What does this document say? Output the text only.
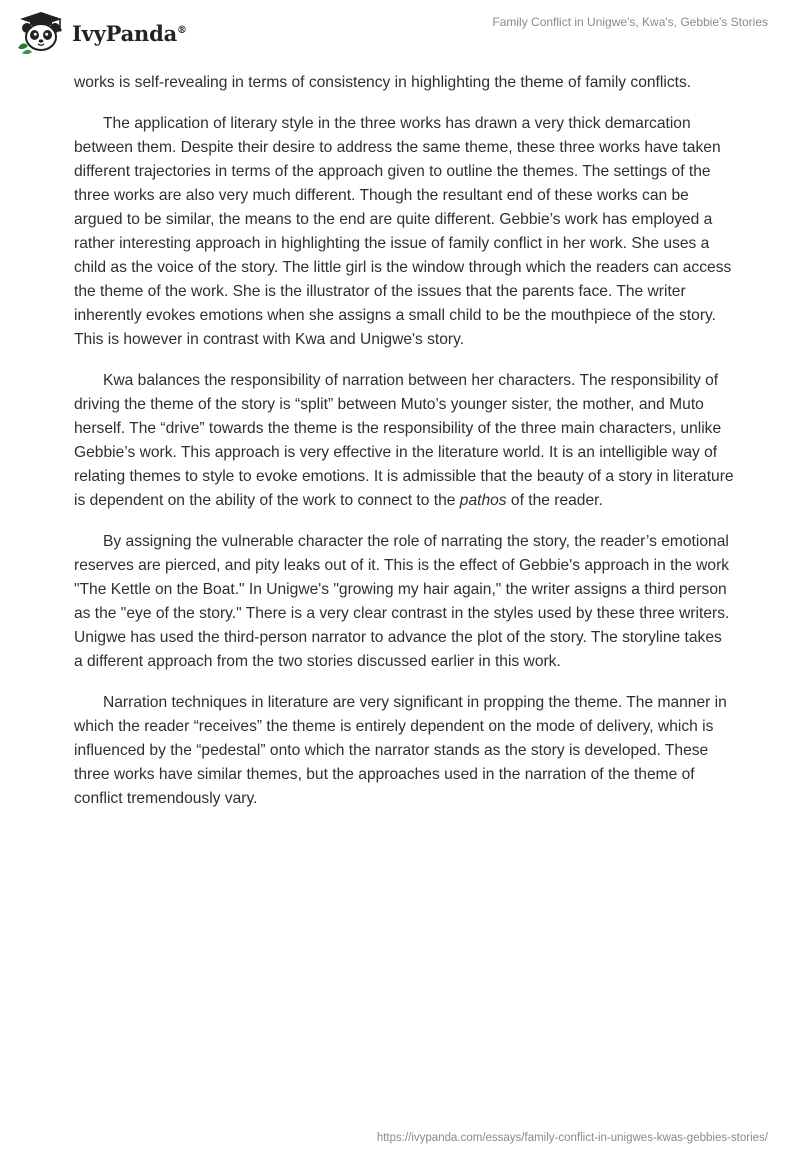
IvyPanda®
Family Conflict in Unigwe's, Kwa's, Gebbie's Stories

works is self-revealing in terms of consistency in highlighting the theme of family conflicts.

The application of literary style in the three works has drawn a very thick demarcation between them. Despite their desire to address the same theme, these three works have taken different trajectories in terms of the approach given to outline the themes. The settings of the three works are also very much different. Though the resultant end of these works can be argued to be similar, the means to the end are quite different. Gebbie’s work has employed a rather interesting approach in highlighting the issue of family conflict in her work. She uses a child as the voice of the story. The little girl is the window through which the readers can access the theme of the work. She is the illustrator of the issues that the parents face. The writer inherently evokes emotions when she assigns a small child to be the mouthpiece of the story. This is however in contrast with Kwa and Unigwe's story.

Kwa balances the responsibility of narration between her characters. The responsibility of driving the theme of the story is “split” between Muto’s younger sister, the mother, and Muto herself. The “drive” towards the theme is the responsibility of the three main characters, unlike Gebbie’s work. This approach is very effective in the literature world. It is an intelligible way of relating themes to style to evoke emotions. It is admissible that the beauty of a story in literature is dependent on the ability of the work to connect to the pathos of the reader.

By assigning the vulnerable character the role of narrating the story, the reader’s emotional reserves are pierced, and pity leaks out of it. This is the effect of Gebbie's approach in the work "The Kettle on the Boat." In Unigwe's "growing my hair again," the writer assigns a third person as the "eye of the story." There is a very clear contrast in the styles used by these three writers. Unigwe has used the third-person narrator to advance the plot of the story. The storyline takes a different approach from the two stories discussed earlier in this work.

Narration techniques in literature are very significant in propping the theme. The manner in which the reader “receives” the theme is entirely dependent on the mode of delivery, which is influenced by the “pedestal” onto which the narrator stands as the story is developed. These three works have similar themes, but the approaches used in the narration of the theme of conflict tremendously vary.

https://ivypanda.com/essays/family-conflict-in-unigwes-kwas-gebbies-stories/
